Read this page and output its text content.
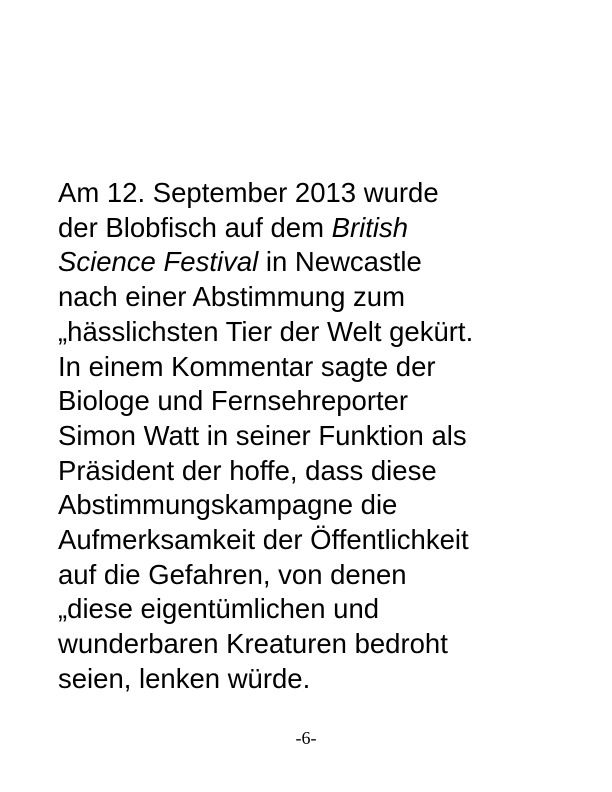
Am 12. September 2013 wurde
der Blobfisch auf dem British
Science Festival in Newcastle
nach einer Abstimmung zum
„hässlichsten Tier der Welt gekürt.
In einem Kommentar sagte der
Biologe und Fernsehreporter
Simon Watt in seiner Funktion als
Präsident der hoffe, dass diese
Abstimmungskampagne die
Aufmerksamkeit der Öffentlichkeit
auf die Gefahren, von denen
„diese eigentümlichen und
wunderbaren Kreaturen bedroht
seien, lenken würde.

-6-
